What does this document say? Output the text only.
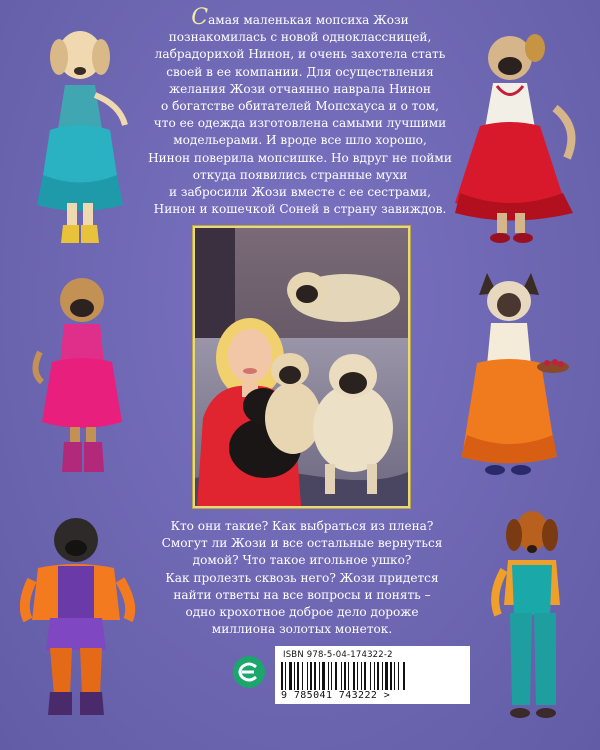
Самая маленькая мопсиха Жози

познакомилась с новой одноклассницей,

лабрадорихой Нинон, и очень захотела стать

своей в ее компании. Для осуществления

желания Жози отчаянно наврала Нинон

о богатстве обитателей Мопсхауса и о том,

что ее одежда изготовлена самыми лучшими

модельерами. И вроде все шло хорошо,

Нинон поверила мопсишке. Но вдруг не пойми

откуда появились странные мухи

и забросили Жози вместе с ее сестрами,

Нинон и кошечкой Соней в страну завиждов.

Кто они такие? Как выбраться из плена?
Смогут ли Жози и все остальные вернуться
домой? Что такое игольное ушко?
Как пролезть сквозь него? Жози придется
найти ответы на все вопросы и понять –
одно крохотное доброе дело дороже
миллиона золотых монеток.
ISBN 978-5-04-174322-2
9 785041 743222 >
